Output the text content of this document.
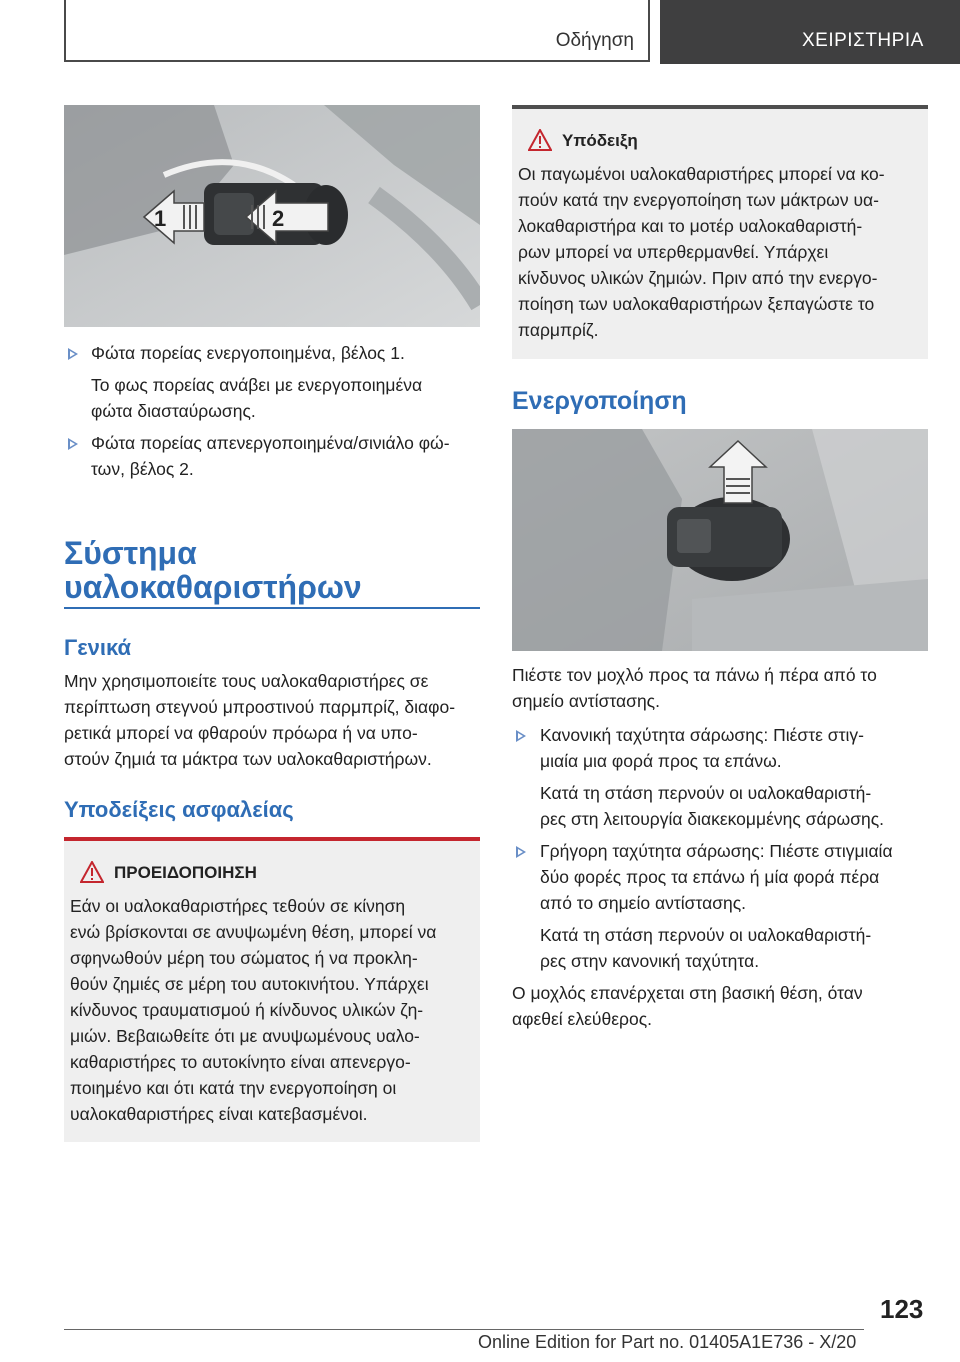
Οδήγηση	ΧΕΙΡΙΣΤΗΡΙΑ
1	2
Φώτα πορείας ενεργοποιημένα, βέλος 1.
Το φως πορείας ανάβει με ενεργοποιημένα
φώτα διασταύρωσης.
Φώτα πορείας απενεργοποιημένα/σινιάλο φώ-
των, βέλος 2.
Σύστημα
υαλοκαθαριστήρων
Γενικά
Μην χρησιμοποιείτε τους υαλοκαθαριστήρες σε
περίπτωση στεγνού μπροστινού παρμπρίζ, διαφο-
ρετικά μπορεί να φθαρούν πρόωρα ή να υπο-
στούν ζημιά τα μάκτρα των υαλοκαθαριστήρων.
Υποδείξεις ασφαλείας
ΠΡΟΕΙΔΟΠΟΙΗΣΗ
Εάν οι υαλοκαθαριστήρες τεθούν σε κίνηση
ενώ βρίσκονται σε ανυψωμένη θέση, μπορεί να
σφηνωθούν μέρη του σώματος ή να προκλη-
θούν ζημιές σε μέρη του αυτοκινήτου. Υπάρχει
κίνδυνος τραυματισμού ή κίνδυνος υλικών ζη-
μιών. Βεβαιωθείτε ότι με ανυψωμένους υαλο-
καθαριστήρες το αυτοκίνητο είναι απενεργο-
ποιημένο και ότι κατά την ενεργοποίηση οι
υαλοκαθαριστήρες είναι κατεβασμένοι.
Υπόδειξη
Οι παγωμένοι υαλοκαθαριστήρες μπορεί να κο-
πούν κατά την ενεργοποίηση των μάκτρων υα-
λοκαθαριστήρα και το μοτέρ υαλοκαθαριστή-
ρων μπορεί να υπερθερμανθεί. Υπάρχει
κίνδυνος υλικών ζημιών. Πριν από την ενεργο-
ποίηση των υαλοκαθαριστήρων ξεπαγώστε το
παρμπρίζ.
Ενεργοποίηση
Πιέστε τον μοχλό προς τα πάνω ή πέρα από το
σημείο αντίστασης.
Κανονική ταχύτητα σάρωσης: Πιέστε στιγ-
μιαία μια φορά προς τα επάνω.
Κατά τη στάση περνούν οι υαλοκαθαριστή-
ρες στη λειτουργία διακεκομμένης σάρωσης.
Γρήγορη ταχύτητα σάρωσης: Πιέστε στιγμιαία
δύο φορές προς τα επάνω ή μία φορά πέρα
από το σημείο αντίστασης.
Κατά τη στάση περνούν οι υαλοκαθαριστή-
ρες στην κανονική ταχύτητα.
Ο μοχλός επανέρχεται στη βασική θέση, όταν
αφεθεί ελεύθερος.
123
Online Edition for Part no. 01405A1E736 - X/20
